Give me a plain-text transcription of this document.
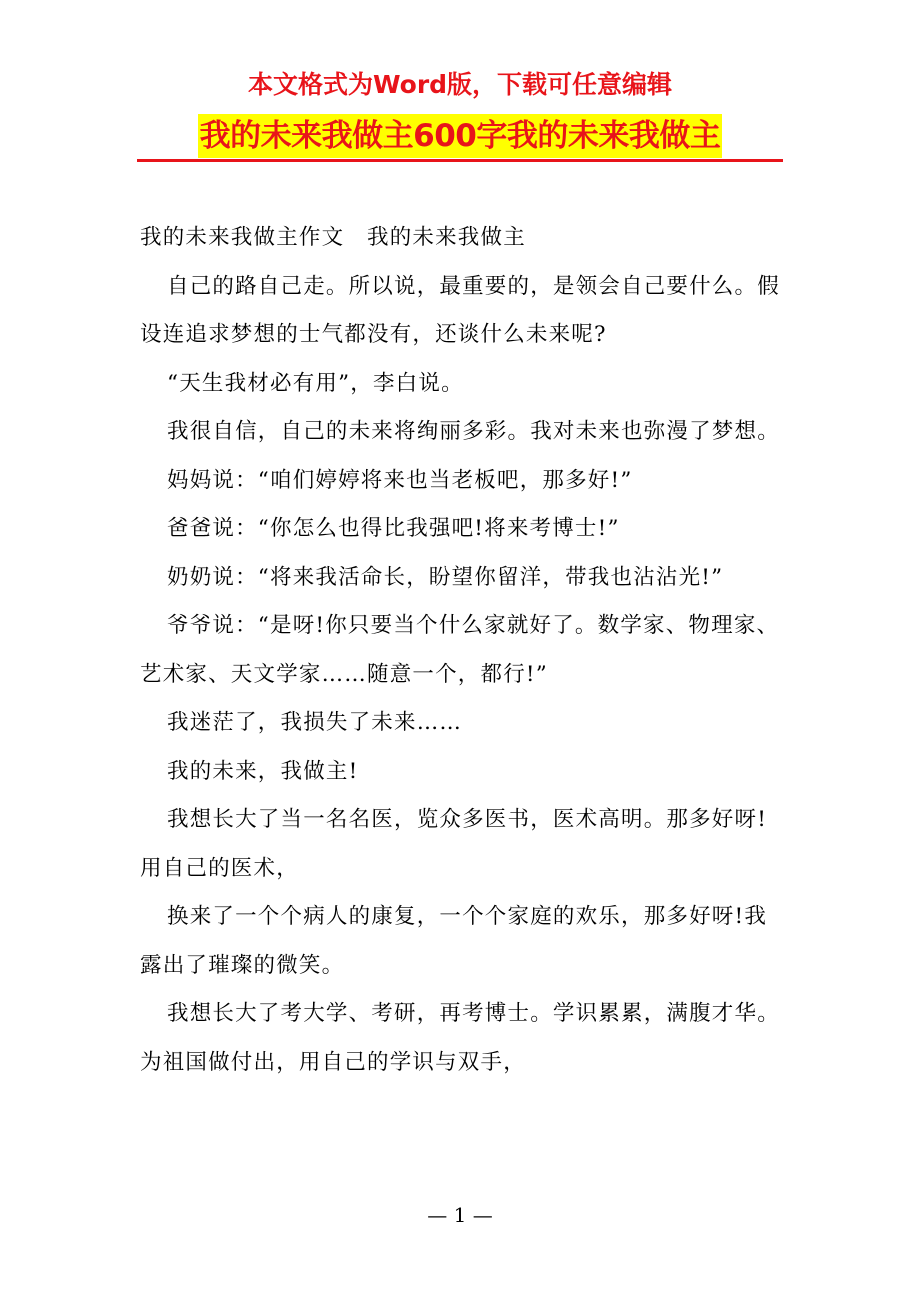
本文格式为Word版，下载可任意编辑
我的未来我做主600字我的未来我做主

我的未来我做主作文　我的未来我做主

自己的路自己走。所以说，最重要的，是领会自己要什么。假设连追求梦想的士气都没有，还谈什么未来呢?

“天生我材必有用”，李白说。

我很自信，自己的未来将绚丽多彩。我对未来也弥漫了梦想。

妈妈说：“咱们婷婷将来也当老板吧，那多好!”

爸爸说：“你怎么也得比我强吧!将来考博士!”

奶奶说：“将来我活命长，盼望你留洋，带我也沾沾光!”

爷爷说：“是呀!你只要当个什么家就好了。数学家、物理家、艺术家、天文学家……随意一个，都行!”

我迷茫了，我损失了未来……

我的未来，我做主!

我想长大了当一名名医，览众多医书，医术高明。那多好呀!用自己的医术，

换来了一个个病人的康复，一个个家庭的欢乐，那多好呀!我露出了璀璨的微笑。

我想长大了考大学、考研，再考博士。学识累累，满腹才华。为祖国做付出，用自己的学识与双手，

— 1 —
